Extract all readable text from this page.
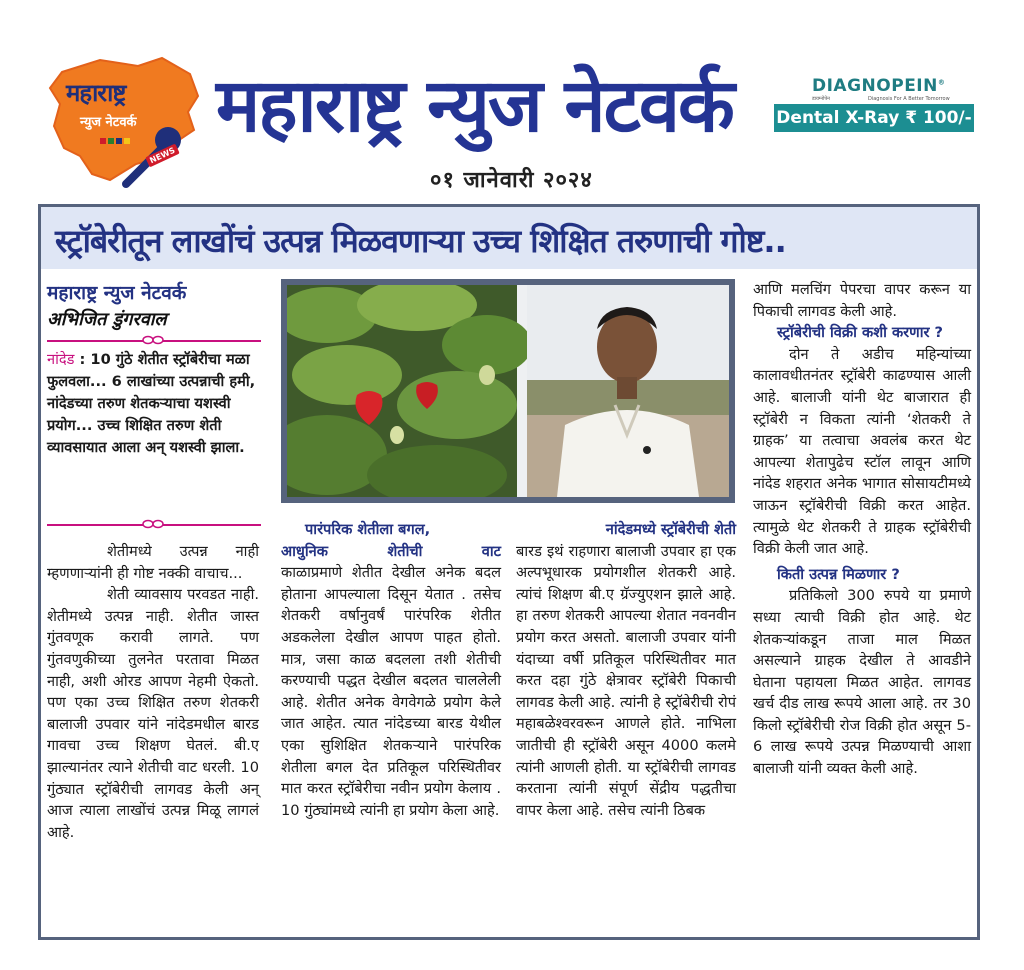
महाराष्ट्र
न्युज नेटवर्क
NEWS
महाराष्ट्र न्युज नेटवर्क
०१ जानेवारी २०२४
DIAGNOPEIN®
डायग्नोपेन	Diagnosis For A Better Tomorrow
Dental X-Ray ₹ 100/-
स्ट्रॉबेरीतून लाखोंचं उत्पन्न मिळवणाऱ्या उच्च शिक्षित तरुणाची गोष्ट..
महाराष्ट्र न्युज नेटवर्क
अभिजित डुंगरवाल
नांदेड : 10 गुंठे शेतीत स्ट्रॉबेरीचा मळा फुलवला... 6 लाखांच्या उत्पन्नाची हमी, नांदेडच्या तरुण शेतकऱ्याचा यशस्वी प्रयोग... उच्च शिक्षित तरुण शेती व्यावसायात आला अन् यशस्वी झाला.

शेतीमध्ये उत्पन्न नाही म्हणणाऱ्यांनी ही गोष्ट नक्की वाचाच...

शेती व्यावसाय परवडत नाही. शेतीमध्ये उत्पन्न नाही. शेतीत जास्त गुंतवणूक करावी लागते. पण गुंतवणुकीच्या तुलनेत परतावा मिळत नाही, अशी ओरड आपण नेहमी ऐकतो. पण एका उच्च शिक्षित तरुण शेतकरी बालाजी उपवार यांने नांदेडमधील बारड गावचा उच्च शिक्षण घेतलं. बी.ए झाल्यानंतर त्याने शेतीची वाट धरली. 10 गुंठ्यात स्ट्रॉबेरीची लागवड केली अन् आज त्याला लाखोंचं उत्पन्न मिळू लागलं आहे.

पारंपरिक शेतीला बगल,
आधुनिक शेतीची वाट

काळाप्रमाणे शेतीत देखील अनेक बदल होताना आपल्याला दिसून येतात . तसेच शेतकरी वर्षानुवर्षं पारंपरिक शेतीत अडकलेला देखील आपण पाहत होतो. मात्र, जसा काळ बदलला तशी शेतीची करण्याची पद्धत देखील बदलत चाललेली आहे. शेतीत अनेक वेगवेगळे प्रयोग केले जात आहेत. त्यात नांदेडच्या बारड येथील एका सुशिक्षित शेतकऱ्याने पारंपरिक शेतीला बगल देत प्रतिकूल परिस्थितीवर मात करत स्ट्रॉबेरीचा नवीन प्रयोग केलाय . 10 गुंठ्यांमध्ये त्यांनी हा प्रयोग केला आहे.

नांदेडमध्ये स्ट्रॉबेरीची शेती

बारड इथं राहणारा बालाजी उपवार हा एक अल्पभूधारक प्रयोगशील शेतकरी आहे. त्यांचं शिक्षण बी.ए ग्रॅज्युएशन झाले आहे. हा तरुण शेतकरी आपल्या शेतात नवनवीन प्रयोग करत असतो. बालाजी उपवार यांनी यंदाच्या वर्षी प्रतिकूल परिस्थितीवर मात करत दहा गुंठे क्षेत्रावर स्ट्रॉबेरी पिकाची लागवड केली आहे. त्यांनी हे स्ट्रॉबेरीची रोपं महाबळेश्वरवरून आणले होते. नाभिला जातीची ही स्ट्रॉबेरी असून 4000 कलमे त्यांनी आणली होती. या स्ट्रॉबेरीची लागवड करताना त्यांनी संपूर्ण सेंद्रीय पद्धतीचा वापर केला आहे. तसेच त्यांनी ठिबक

आणि मलचिंग पेपरचा वापर करून या पिकाची लागवड केली आहे.

स्ट्रॉबेरीची विक्री कशी करणार ?

दोन ते अडीच महिन्यांच्या कालावधीतनंतर स्ट्रॉबेरी काढण्यास आली आहे. बालाजी यांनी थेट बाजारात ही स्ट्रॉबेरी न विकता त्यांनी ‘शेतकरी ते ग्राहक’ या तत्वाचा अवलंब करत थेट आपल्या शेतापुढेच स्टॉल लावून आणि नांदेड शहरात अनेक भागात सोसायटीमध्ये जाऊन स्ट्रॉबेरीची विक्री करत आहेत. त्यामुळे थेट शेतकरी ते ग्राहक स्ट्रॉबेरीची विक्री केली जात आहे.

किती उत्पन्न मिळणार ?

प्रतिकिलो 300 रुपये या प्रमाणे सध्या त्याची विक्री होत आहे. थेट शेतकऱ्यांकडून ताजा माल मिळत असल्याने ग्राहक देखील ते आवडीने घेताना पहायला मिळत आहेत. लागवड खर्च दीड लाख रूपये आला आहे. तर 30 किलो स्ट्रॉबेरीची रोज विक्री होत असून 5-6 लाख रूपये उत्पन्न मिळण्याची आशा बालाजी यांनी व्यक्त केली आहे.
